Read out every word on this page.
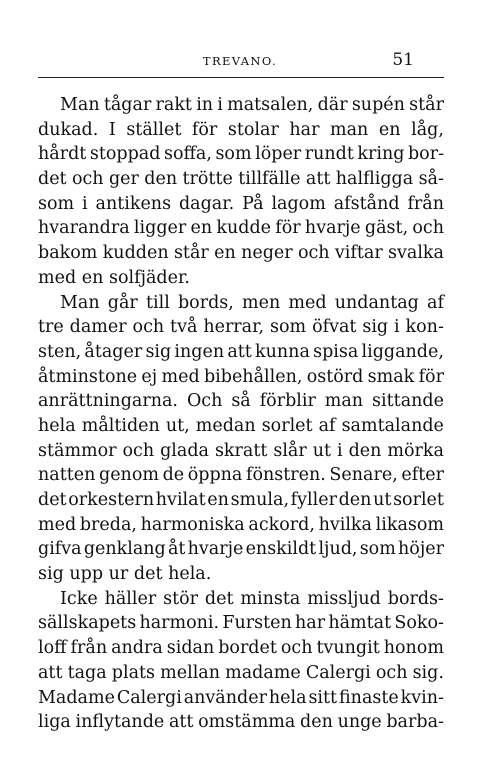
TREVANO.	51
Man tågar rakt in i matsalen, där supén står
dukad. I stället för stolar har man en låg,
hårdt stoppad soffa, som löper rundt kring bor-
det och ger den trötte tillfälle att halfligga så-
som i antikens dagar. På lagom afstånd från
hvarandra ligger en kudde för hvarje gäst, och
bakom kudden står en neger och viftar svalka
med en solfjäder.
Man går till bords, men med undantag af
tre damer och två herrar, som öfvat sig i kon-
sten, åtager sig ingen att kunna spisa liggande,
åtminstone ej med bibehållen, ostörd smak för
anrättningarna. Och så förblir man sittande
hela måltiden ut, medan sorlet af samtalande
stämmor och glada skratt slår ut i den mörka
natten genom de öppna fönstren. Senare, efter
det orkestern hvilat en smula, fyller den ut sorlet
med breda, harmoniska ackord, hvilka likasom
gifva genklang åt hvarje enskildt ljud, som höjer
sig upp ur det hela.
Icke häller stör det minsta missljud bords-
sällskapets harmoni. Fursten har hämtat Soko-
loff från andra sidan bordet och tvungit honom
att taga plats mellan madame Calergi och sig.
Madame Calergi använder hela sitt finaste kvin-
liga inflytande att omstämma den unge barba-
